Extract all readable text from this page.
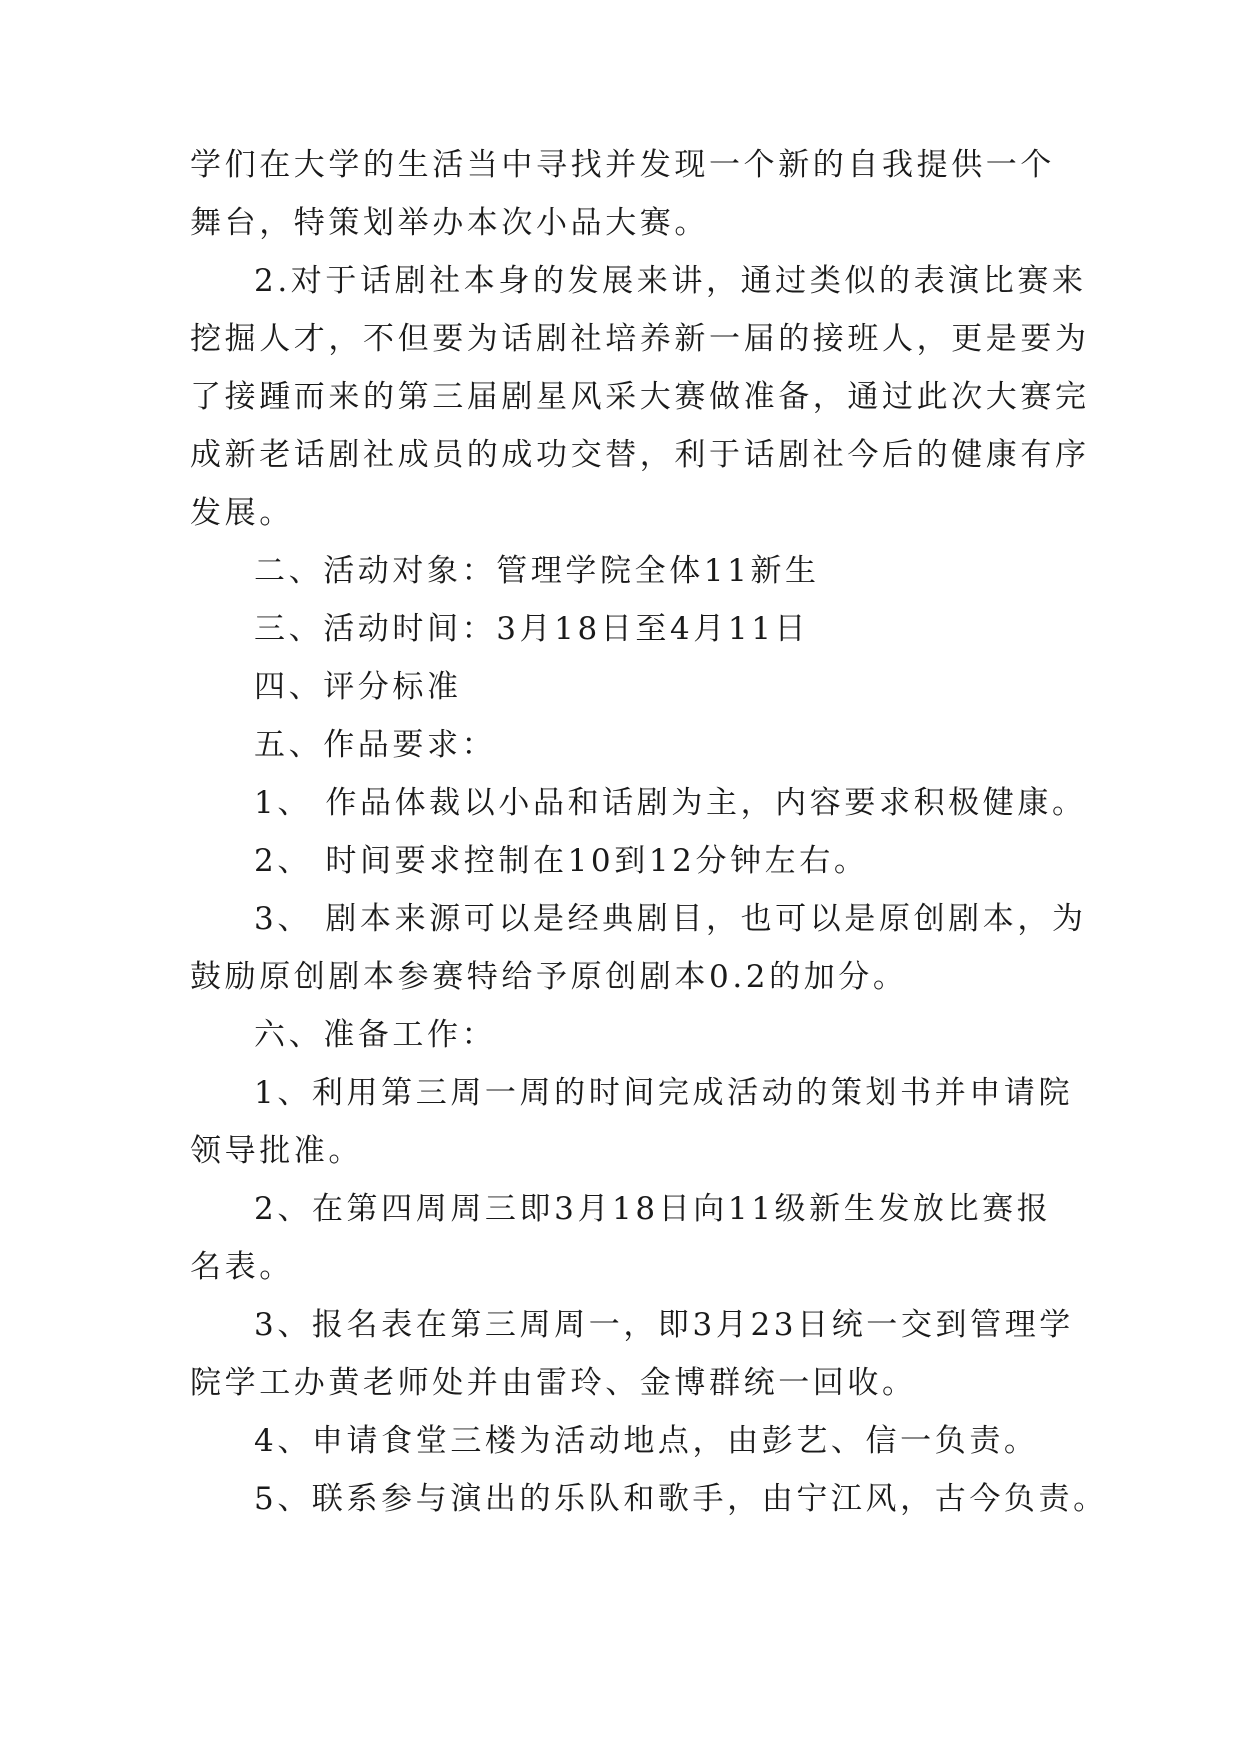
学们在大学的生活当中寻找并发现一个新的自我提供一个
舞台，特策划举办本次小品大赛。
2.对于话剧社本身的发展来讲，通过类似的表演比赛来
挖掘人才，不但要为话剧社培养新一届的接班人，更是要为
了接踵而来的第三届剧星风采大赛做准备，通过此次大赛完
成新老话剧社成员的成功交替，利于话剧社今后的健康有序
发展。
二、活动对象：管理学院全体11新生
三、活动时间：3月18日至4月11日
四、评分标准
五、作品要求：
1、 作品体裁以小品和话剧为主，内容要求积极健康。
2、 时间要求控制在10到12分钟左右。
3、 剧本来源可以是经典剧目，也可以是原创剧本，为
鼓励原创剧本参赛特给予原创剧本0.2的加分。
六、准备工作：
1、利用第三周一周的时间完成活动的策划书并申请院
领导批准。
2、在第四周周三即3月18日向11级新生发放比赛报
名表。
3、报名表在第三周周一，即3月23日统一交到管理学
院学工办黄老师处并由雷玲、金博群统一回收。
4、申请食堂三楼为活动地点，由彭艺、信一负责。
5、联系参与演出的乐队和歌手，由宁江风，古今负责。
